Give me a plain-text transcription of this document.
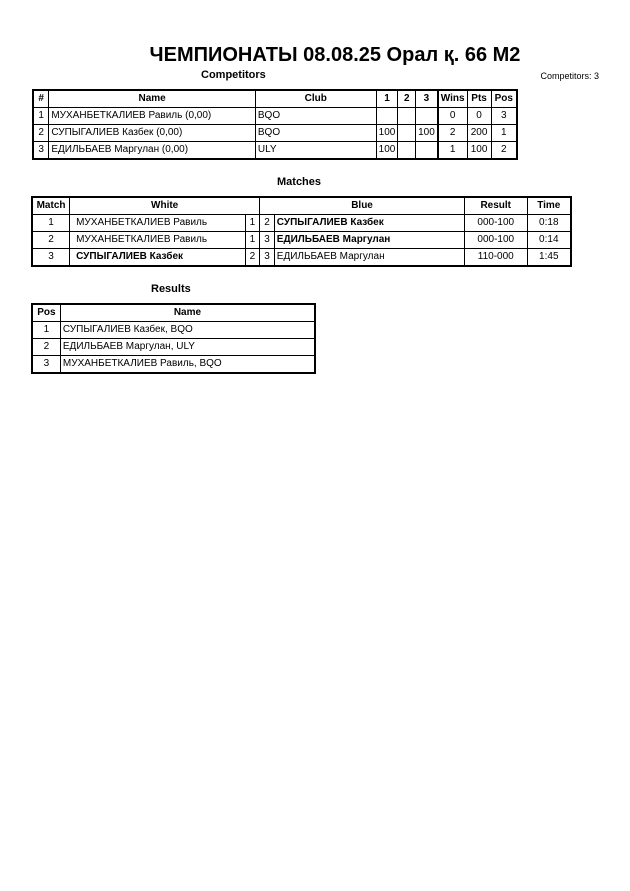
ЧЕМПИОНАТЫ 08.08.25 Орал қ. 66 M2
Competitors	Competitors: 3
#	Name	Club	1	2	3	Wins	Pts	Pos
1	МУХАНБЕТКАЛИЕВ Равиль (0,00)	BQO				0	0	3
2	СУПЫГАЛИЕВ Казбек (0,00)	BQO	100		100	2	200	1
3	ЕДИЛЬБАЕВ Маргулан (0,00)	ULY	100			1	100	2
Matches
Match	White		Blue		Result	Time
1	МУХАНБЕТКАЛИЕВ Равиль	1	2	СУПЫГАЛИЕВ Казбек	000-100	0:18
2	МУХАНБЕТКАЛИЕВ Равиль	1	3	ЕДИЛЬБАЕВ Маргулан	000-100	0:14
3	СУПЫГАЛИЕВ Казбек	2	3	ЕДИЛЬБАЕВ Маргулан	110-000	1:45
Results
Pos	Name
1	СУПЫГАЛИЕВ Казбек, BQO
2	ЕДИЛЬБАЕВ Маргулан, ULY
3	МУХАНБЕТКАЛИЕВ Равиль, BQO
